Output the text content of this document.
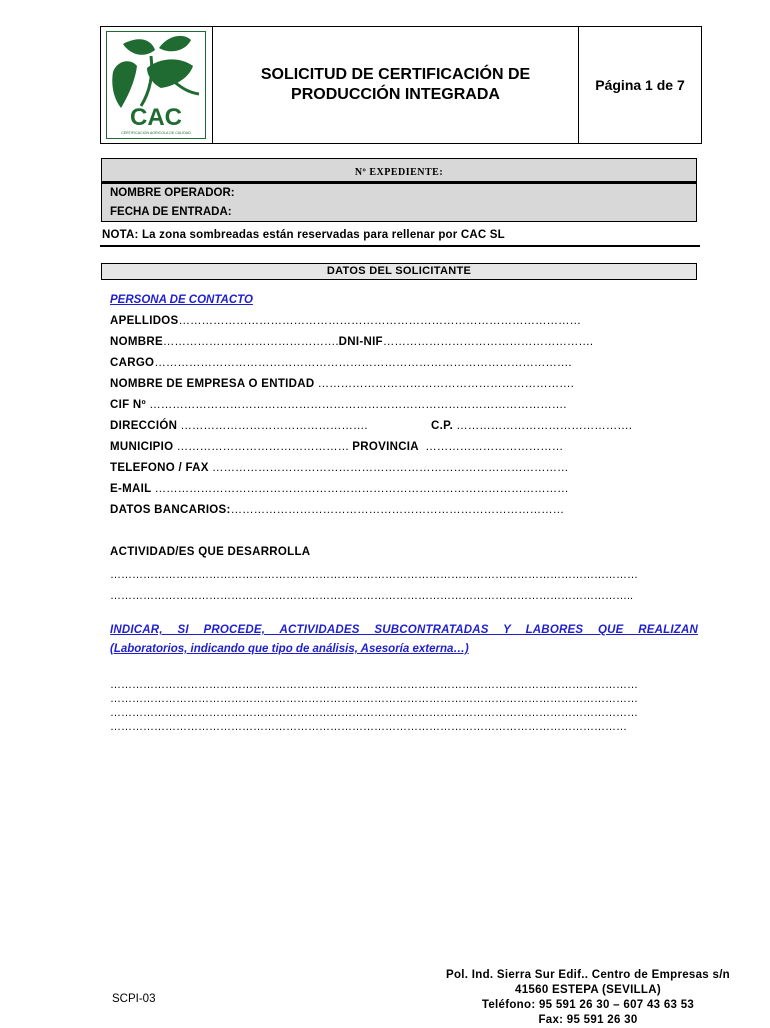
CAC
CERTIFICACION AGRICOLA DE CALIDAD
SOLICITUD DE CERTIFICACIÓN DE
PRODUCCIÓN INTEGRADA
Página 1 de 7
Nº EXPEDIENTE:
NOMBRE OPERADOR:
FECHA DE ENTRADA:
NOTA: La zona sombreadas están reservadas para rellenar por CAC SL
DATOS DEL SOLICITANTE
PERSONA DE CONTACTO
APELLIDOS……………………………………………………………………………………………
NOMBRE……………………………………….DNI-NIF……………………………………………….
CARGO……………………………………………………………………………………………….
NOMBRE DE EMPRESA O ENTIDAD ………………………………………………………….
CIF Nº ……………………………………………………………………………………………….
DIRECCIÓN ………………………………………….	C.P. ……………………………………….
MUNICIPIO ……………………………………… PROVINCIA  ………………………………
TELEFONO / FAX …………………………………………………………………………………
E-MAIL ………………………………………………………………………………………………
DATOS BANCARIOS:……………………………………………………………………………
ACTIVIDAD/ES QUE DESARROLLA
………………………………………………………………………………………………………………………………
……………………………………………………………………………………………………………………………..
INDICAR, SI PROCEDE, ACTIVIDADES SUBCONTRATADAS Y LABORES QUE REALIZAN
(Laboratorios, indicando que tipo de análisis, Asesoría externa…)
………………………………………………………………………………………………………………………………
………………………………………………………………………………………………………………………………
………………………………………………………………………………………………………………………………
……………………………………………………………………………………………………………………………
SCPI-03
Pol. Ind. Sierra Sur Edif.. Centro de Empresas s/n
41560 ESTEPA (SEVILLA)
Teléfono: 95 591 26 30 – 607 43 63 53
Fax: 95 591 26 30
